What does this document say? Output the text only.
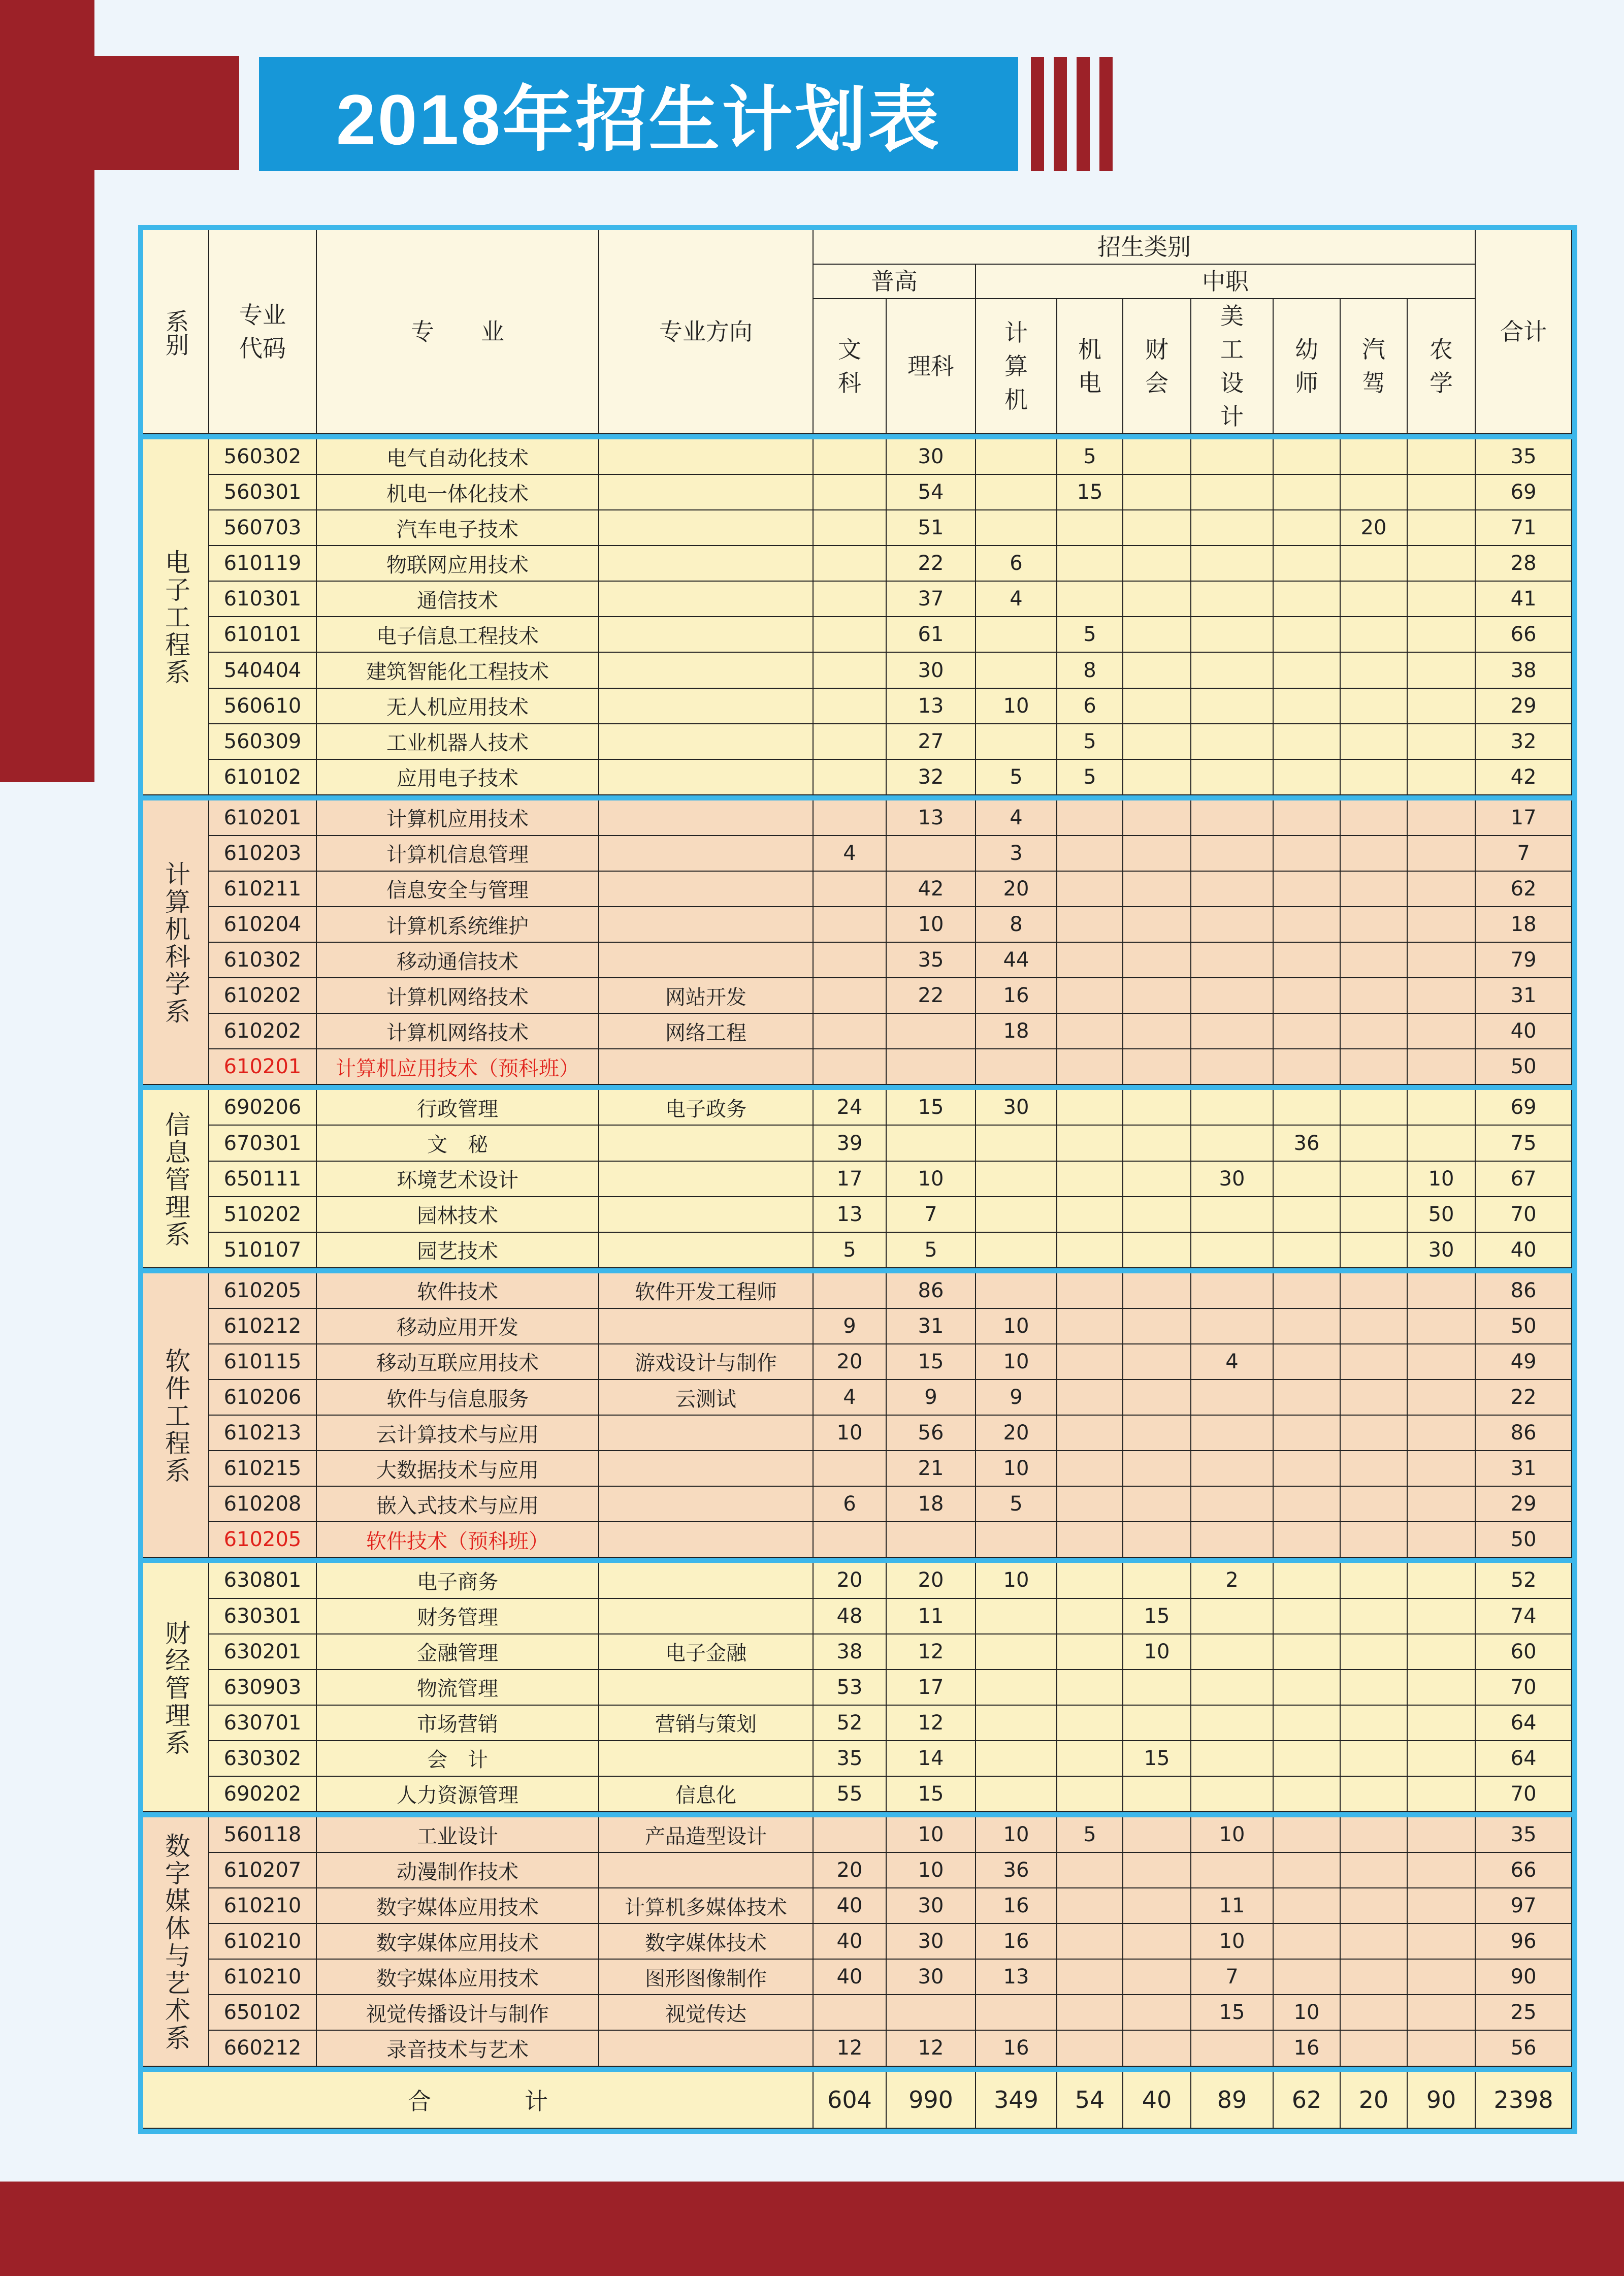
2018年招生计划表
系别	专业代码	专　　业	专业方向	招生类别									合计
				普高		中职							
				文科	理科	计算机	机电	财会	美工设计	幼师	汽驾	农学	

电子工程系	560302	电气自动化技术			30		5						35
	560301	机电一体化技术			54		15						69
	560703	汽车电子技术			51						20		71
	610119	物联网应用技术			22	6							28
	610301	通信技术			37	4							41
	610101	电子信息工程技术			61		5						66
	540404	建筑智能化工程技术			30		8						38
	560610	无人机应用技术			13	10	6						29
	560309	工业机器人技术			27		5						32
	610102	应用电子技术			32	5	5						42

计算机科学系	610201	计算机应用技术			13	4							17
	610203	计算机信息管理		4		3							7
	610211	信息安全与管理			42	20							62
	610204	计算机系统维护			10	8							18
	610302	移动通信技术			35	44							79
	610202	计算机网络技术	网站开发		22	16							31
	610202	计算机网络技术	网络工程			18							40
	610201	计算机应用技术（预科班）											50

信息管理系	690206	行政管理	电子政务	24	15	30							69
	670301	文　秘		39						36			75
	650111	环境艺术设计		17	10				30			10	67
	510202	园林技术		13	7							50	70
	510107	园艺技术		5	5							30	40

软件工程系	610205	软件技术	软件开发工程师		86								86
	610212	移动应用开发		9	31	10							50
	610115	移动互联应用技术	游戏设计与制作	20	15	10			4				49
	610206	软件与信息服务	云测试	4	9	9							22
	610213	云计算技术与应用		10	56	20							86
	610215	大数据技术与应用			21	10							31
	610208	嵌入式技术与应用		6	18	5							29
	610205	软件技术（预科班）											50

财经管理系	630801	电子商务		20	20	10			2				52
	630301	财务管理		48	11			15					74
	630201	金融管理	电子金融	38	12			10					60
	630903	物流管理		53	17								70
	630701	市场营销	营销与策划	52	12								64
	630302	会　计		35	14			15					64
	690202	人力资源管理	信息化	55	15								70

数字媒体与艺术系	560118	工业设计	产品造型设计		10	10	5		10				35
	610207	动漫制作技术		20	10	36							66
	610210	数字媒体应用技术	计算机多媒体技术	40	30	16			11				97
	610210	数字媒体应用技术	数字媒体技术	40	30	16			10				96
	610210	数字媒体应用技术	图形图像制作	40	30	13			7				90
	650102	视觉传播设计与制作	视觉传达						15	10			25
	660212	录音技术与艺术		12	12	16				16			56

合　　　　计				604	990	349	54	40	89	62	20	90	2398
